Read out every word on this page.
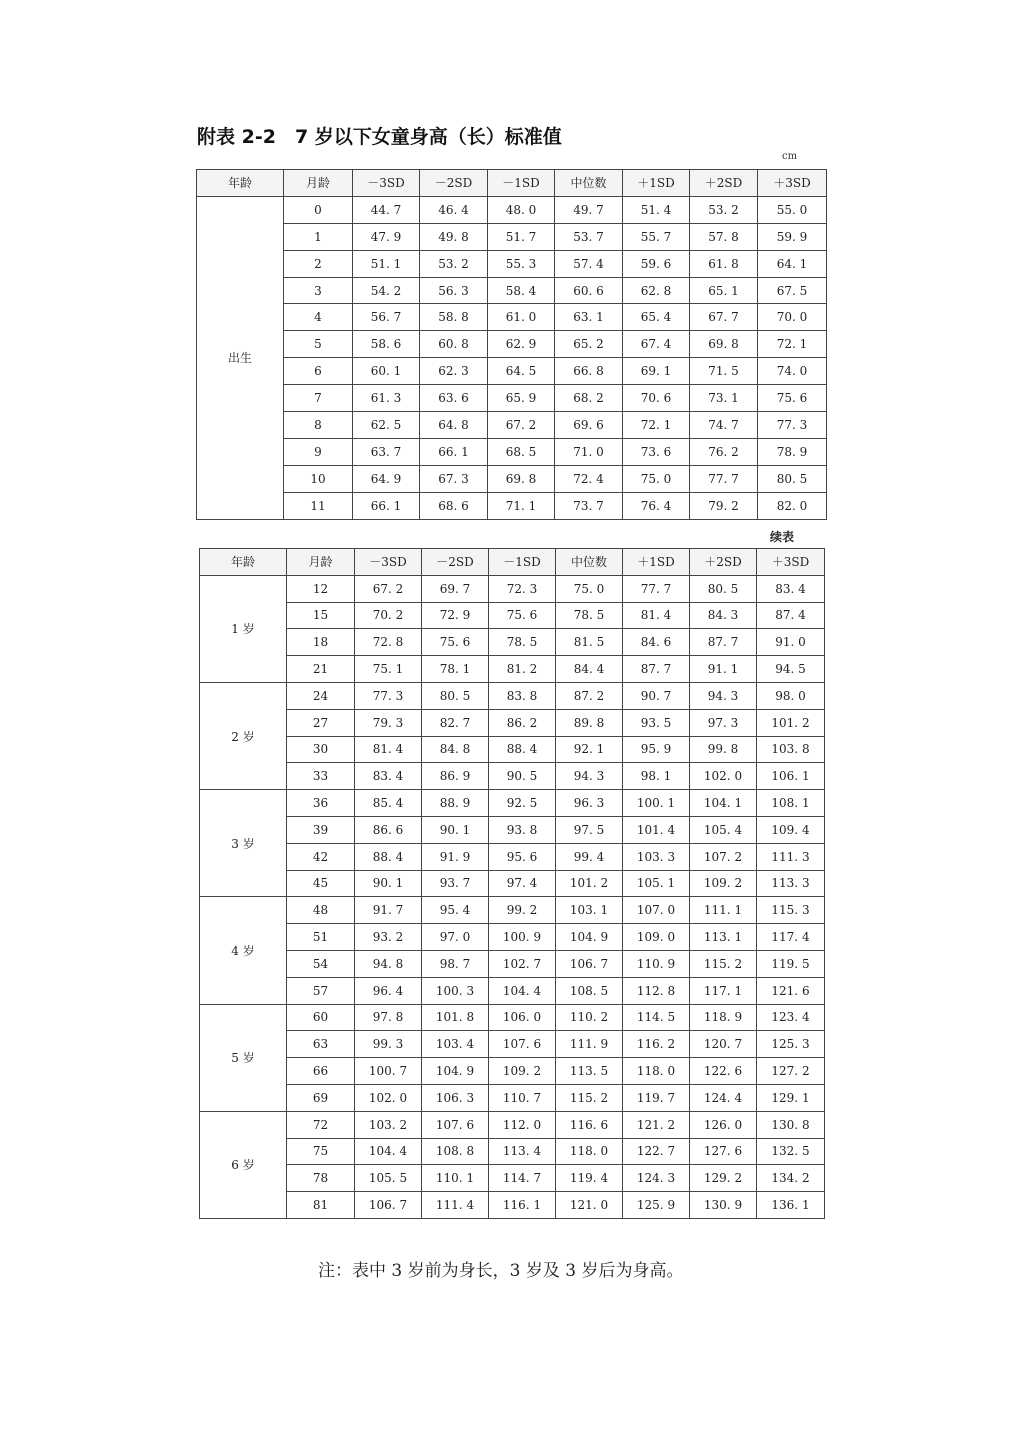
附表 2-2　7 岁以下女童身高（长）标准值
cm
年龄	月龄	－3SD	－2SD	－1SD	中位数	＋1SD	＋2SD	＋3SD
出生	0	44. 7	46. 4	48. 0	49. 7	51. 4	53. 2	55. 0
	1	47. 9	49. 8	51. 7	53. 7	55. 7	57. 8	59. 9
	2	51. 1	53. 2	55. 3	57. 4	59. 6	61. 8	64. 1
	3	54. 2	56. 3	58. 4	60. 6	62. 8	65. 1	67. 5
	4	56. 7	58. 8	61. 0	63. 1	65. 4	67. 7	70. 0
	5	58. 6	60. 8	62. 9	65. 2	67. 4	69. 8	72. 1
	6	60. 1	62. 3	64. 5	66. 8	69. 1	71. 5	74. 0
	7	61. 3	63. 6	65. 9	68. 2	70. 6	73. 1	75. 6
	8	62. 5	64. 8	67. 2	69. 6	72. 1	74. 7	77. 3
	9	63. 7	66. 1	68. 5	71. 0	73. 6	76. 2	78. 9
	10	64. 9	67. 3	69. 8	72. 4	75. 0	77. 7	80. 5
	11	66. 1	68. 6	71. 1	73. 7	76. 4	79. 2	82. 0
续表
年龄	月龄	－3SD	－2SD	－1SD	中位数	＋1SD	＋2SD	＋3SD
1 岁	12	67. 2	69. 7	72. 3	75. 0	77. 7	80. 5	83. 4
	15	70. 2	72. 9	75. 6	78. 5	81. 4	84. 3	87. 4
	18	72. 8	75. 6	78. 5	81. 5	84. 6	87. 7	91. 0
	21	75. 1	78. 1	81. 2	84. 4	87. 7	91. 1	94. 5
2 岁	24	77. 3	80. 5	83. 8	87. 2	90. 7	94. 3	98. 0
	27	79. 3	82. 7	86. 2	89. 8	93. 5	97. 3	101. 2
	30	81. 4	84. 8	88. 4	92. 1	95. 9	99. 8	103. 8
	33	83. 4	86. 9	90. 5	94. 3	98. 1	102. 0	106. 1
3 岁	36	85. 4	88. 9	92. 5	96. 3	100. 1	104. 1	108. 1
	39	86. 6	90. 1	93. 8	97. 5	101. 4	105. 4	109. 4
	42	88. 4	91. 9	95. 6	99. 4	103. 3	107. 2	111. 3
	45	90. 1	93. 7	97. 4	101. 2	105. 1	109. 2	113. 3
4 岁	48	91. 7	95. 4	99. 2	103. 1	107. 0	111. 1	115. 3
	51	93. 2	97. 0	100. 9	104. 9	109. 0	113. 1	117. 4
	54	94. 8	98. 7	102. 7	106. 7	110. 9	115. 2	119. 5
	57	96. 4	100. 3	104. 4	108. 5	112. 8	117. 1	121. 6
5 岁	60	97. 8	101. 8	106. 0	110. 2	114. 5	118. 9	123. 4
	63	99. 3	103. 4	107. 6	111. 9	116. 2	120. 7	125. 3
	66	100. 7	104. 9	109. 2	113. 5	118. 0	122. 6	127. 2
	69	102. 0	106. 3	110. 7	115. 2	119. 7	124. 4	129. 1
6 岁	72	103. 2	107. 6	112. 0	116. 6	121. 2	126. 0	130. 8
	75	104. 4	108. 8	113. 4	118. 0	122. 7	127. 6	132. 5
	78	105. 5	110. 1	114. 7	119. 4	124. 3	129. 2	134. 2
	81	106. 7	111. 4	116. 1	121. 0	125. 9	130. 9	136. 1
注：表中 3 岁前为身长，3 岁及 3 岁后为身高。
